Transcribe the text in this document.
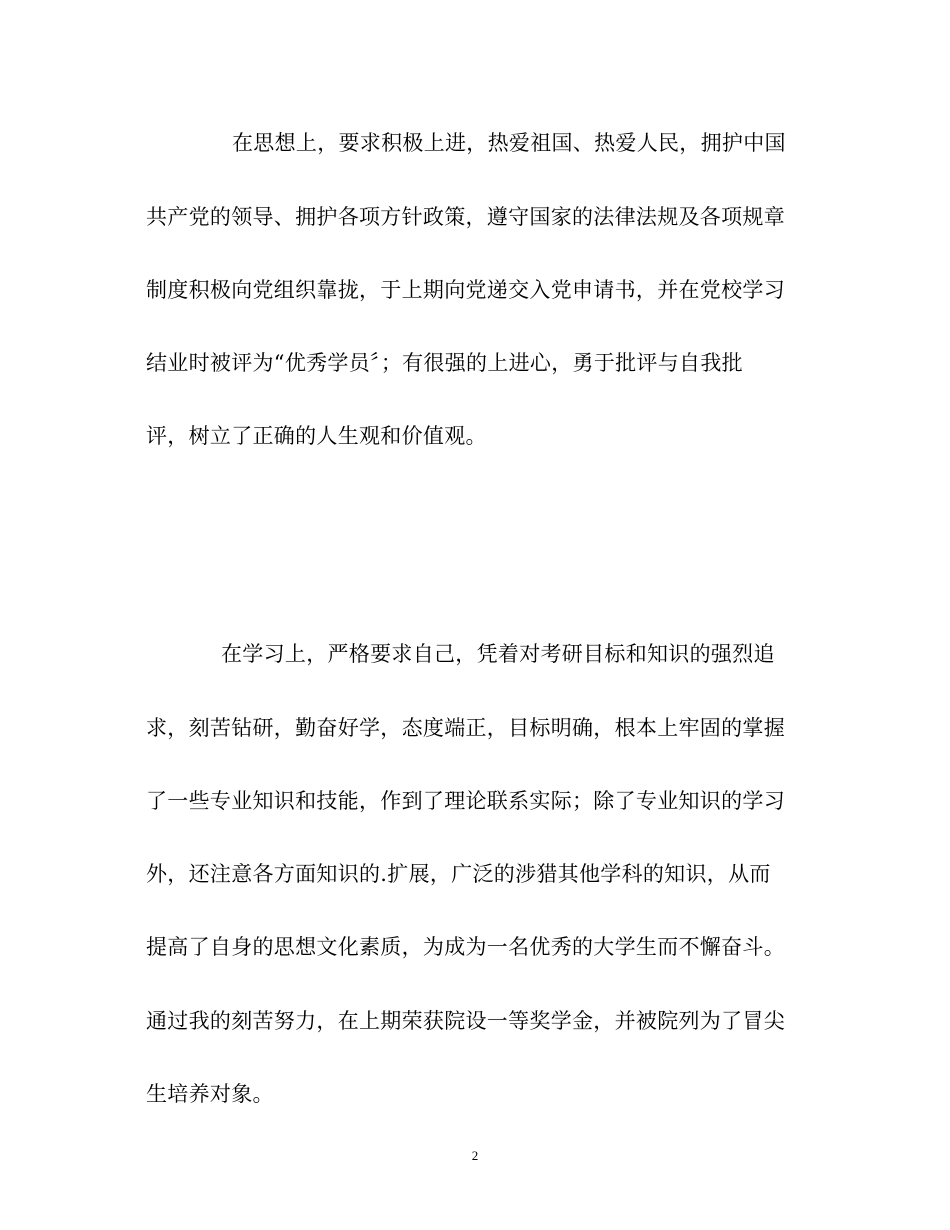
在思想上，要求积极上进，热爱祖国、热爱人民，拥护中国
共产党的领导、拥护各项方针政策，遵守国家的法律法规及各项规章
制度积极向党组织靠拢，于上期向党递交入党申请书，并在党校学习
结业时被评为“优秀学员〞；有很强的上进心，勇于批评与自我批
评，树立了正确的人生观和价值观。
在学习上，严格要求自己，凭着对考研目标和知识的强烈追
求，刻苦钻研，勤奋好学，态度端正，目标明确，根本上牢固的掌握
了一些专业知识和技能，作到了理论联系实际；除了专业知识的学习
外，还注意各方面知识的.扩展，广泛的涉猎其他学科的知识，从而
提高了自身的思想文化素质，为成为一名优秀的大学生而不懈奋斗。
通过我的刻苦努力，在上期荣获院设一等奖学金，并被院列为了冒尖
生培养对象。
2
